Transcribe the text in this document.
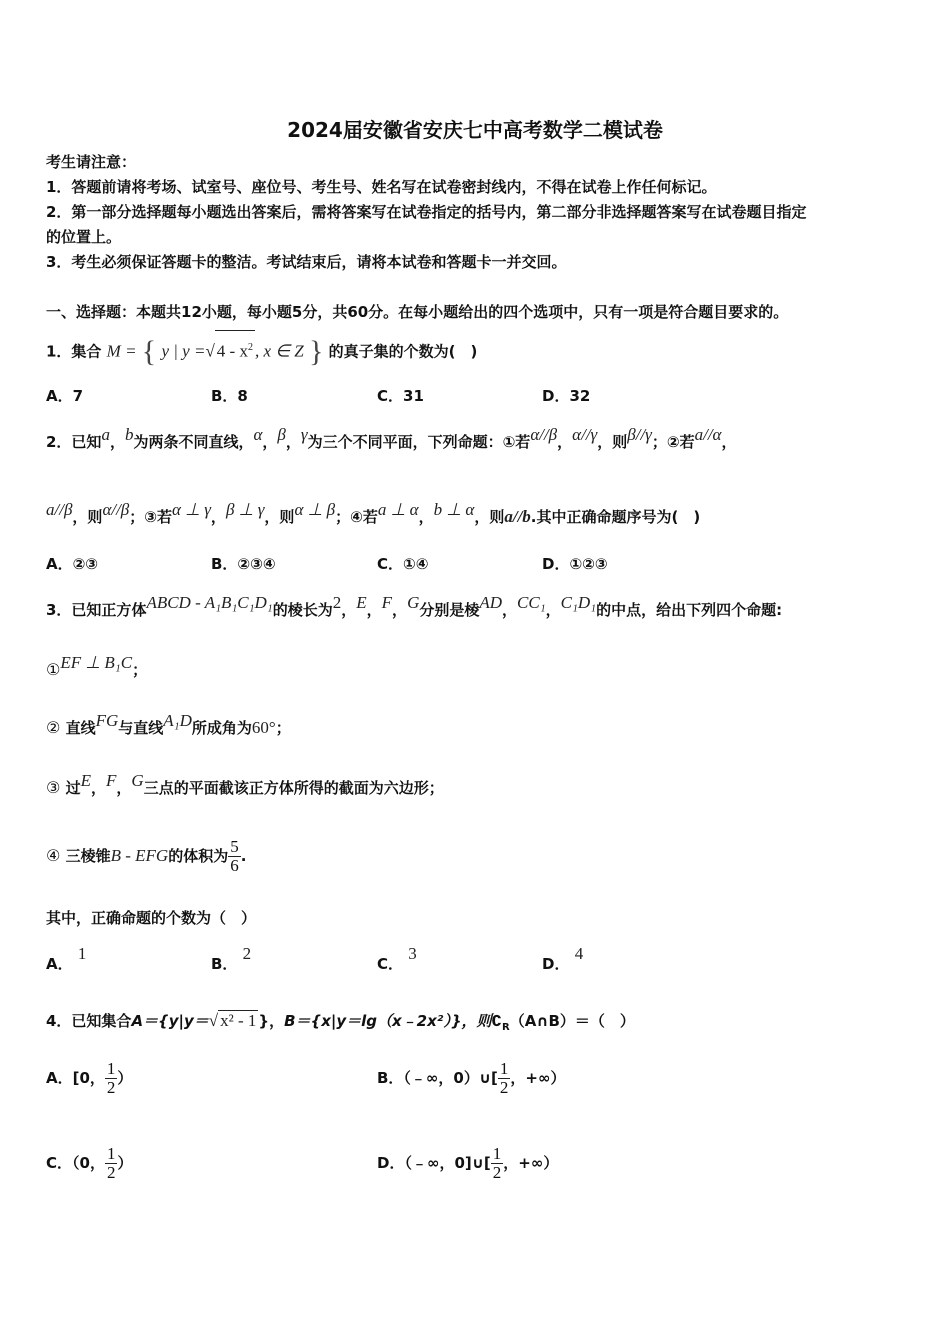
2024届安徽省安庆七中高考数学二模试卷
考生请注意：
1．答题前请将考场、试室号、座位号、考生号、姓名写在试卷密封线内，不得在试卷上作任何标记。
2．第一部分选择题每小题选出答案后，需将答案写在试卷指定的括号内，第二部分非选择题答案写在试卷题目指定
的位置上。
3．考生必须保证答题卡的整洁。考试结束后，请将本试卷和答题卡一并交回。
一、选择题：本题共12小题，每小题5分，共60分。在每小题给出的四个选项中，只有一项是符合题目要求的。
1．集合 M = { y | y =√ $4 - x^2$ , x ∈ Z } 的真子集的个数为(　)
A．7	B．8	C．31	D．32
2．已知a，b为两条不同直线，α，β，γ为三个不同平面，下列命题：①若α//β，α//γ，则β//γ；②若a//α，
a//β，则α//β；③若α ⊥ γ，β ⊥ γ，则α ⊥ β；④若a ⊥ α，b ⊥ α，则a//b.其中正确命题序号为(　)
A．②③	B．②③④	C．①④	D．①②③
3．已知正方体ABCD - A₁B₁C₁D₁的棱长为2，E，F，G分别是棱AD，CC₁，C₁D₁的中点，给出下列四个命题:
①EF ⊥ B₁C；
② 直线FG与直线A₁D所成角为60°；
③ 过E，F，G三点的平面截该正方体所得的截面为六边形；
④ 三棱锥B - EFG的体积为 $\frac{5}{6}$ .
其中，正确命题的个数为（　）
A． 1
B． 2
C． 3
D． 4
4．已知集合A＝{y|y＝√ x² - 1 }，B＝{x|y＝lg（x﹣2x²）}，则$∁_R(A\cap B)=$（　）
A．[0， $\frac{1}{2}$ ）	B．（﹣∞，0）∪[ $\frac{1}{2}$ ，+∞）
C．（0， $\frac{1}{2}$ ）	D．（﹣∞，0]∪[ $\frac{1}{2}$ ，+∞）
